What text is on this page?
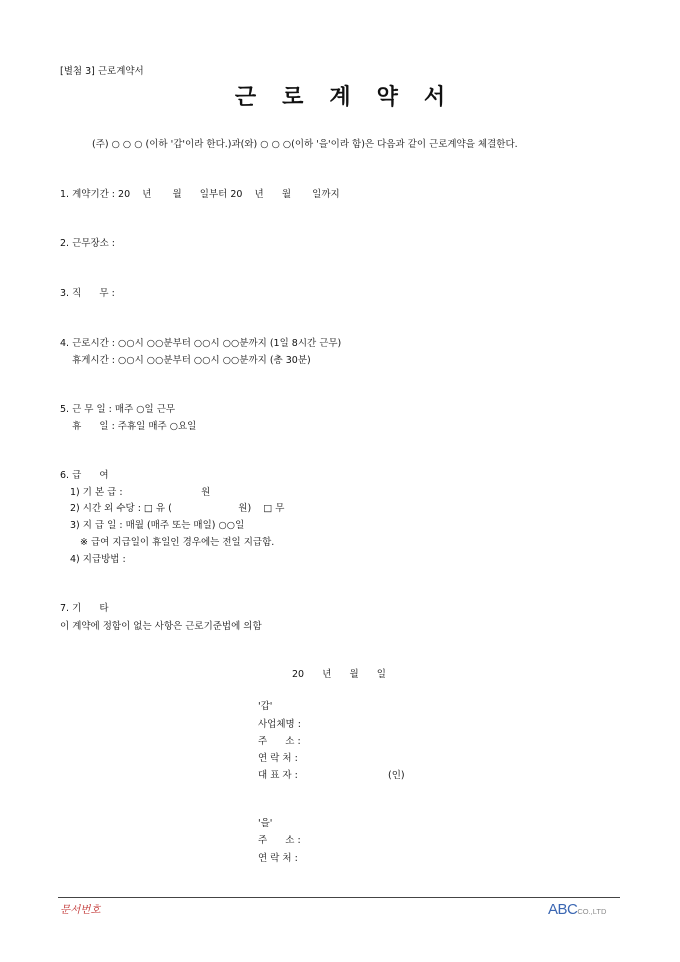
[별첨 3] 근로계약서
근로계약서
(주) ○ ○ ○ (이하 '갑'이라 한다.)과(와) ○ ○ ○(이하 '을'이라 함)은 다음과 같이 근로계약을 체결한다.
1. 계약기간 : 20    년       월      일부터 20    년      월       일까지
2. 근무장소 :
3. 직      무 :
4. 근로시간 : ○○시 ○○분부터 ○○시 ○○분까지 (1일 8시간 근무)
휴게시간 : ○○시 ○○분부터 ○○시 ○○분까지 (총 30분)
5. 근 무 일 : 매주 ○일 근무
휴      일 : 주휴일 매주 ○요일
6. 급      여
1) 기 본 급 :                          원
2) 시간 외 수당 : □ 유 (                      원)    □ 무
3) 지 급 일 : 매월 (매주 또는 매일) ○○일
※ 급여 지급일이 휴일인 경우에는 전일 지급함.
4) 지급방법 :
7. 기      타
이 계약에 정함이 없는 사항은 근로기준법에 의함
20      년      월      일
'갑'
사업체명 :
주      소 :
연 락 처 :
대 표 자 :	(인)
'을'
주      소 :
연 락 처 :
문서번호	ABCCO.,LTD
